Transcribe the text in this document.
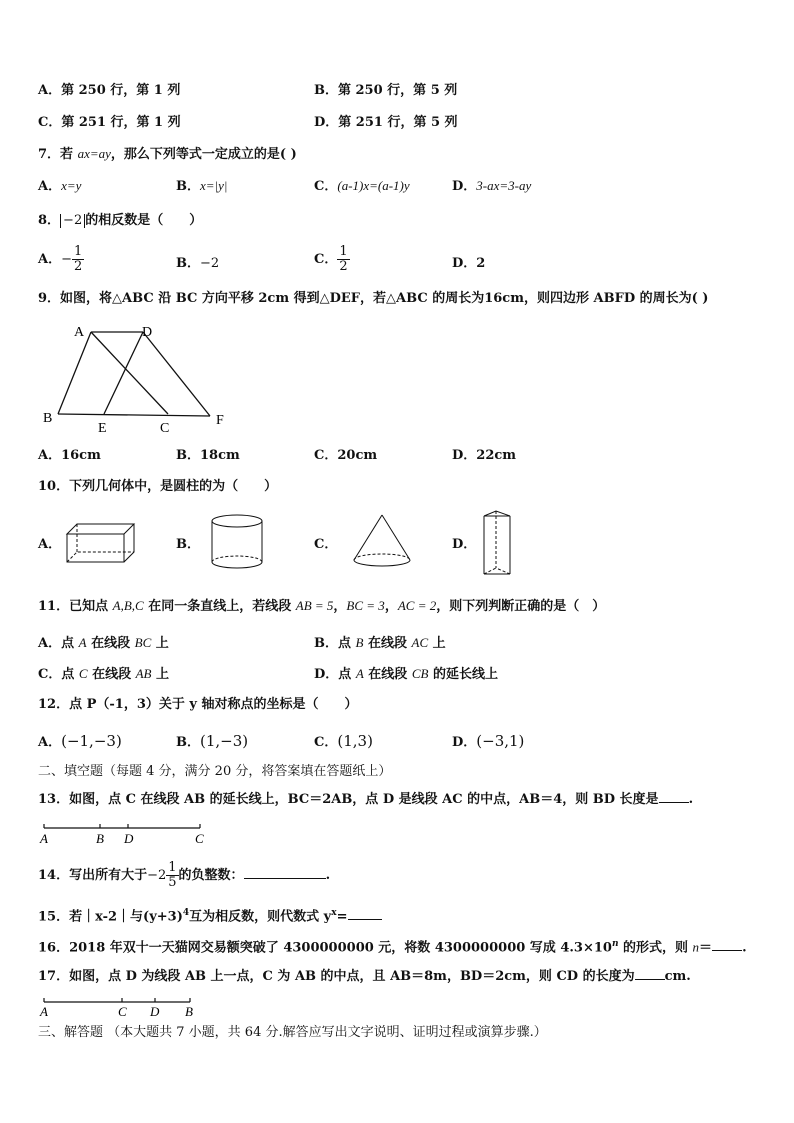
A．第 250 行，第 1 列	B．第 250 行，第 5 列
C．第 251 行，第 1 列	D．第 251 行，第 5 列
7．若 ax=ay，那么下列等式一定成立的是( )
A．x=y	B．x=|y|	C．(a-1)x=(a-1)y	D．3-ax=3-ay
8． −2 的相反数是（　　）
A．− $\frac{1}{2}$	B．−2	C． $\frac{1}{2}$	D．2
9．如图，将△ABC 沿 BC 方向平移 2cm 得到△DEF，若△ABC 的周长为16cm，则四边形 ABFD 的周长为( )
A	D
B
E	C
F
A．16cm	B．18cm	C．20cm	D．22cm
10．下列几何体中，是圆柱的为（　　）
A．	B．	C．	D．
11．已知点 A,B,C 在同一条直线上，若线段 AB = 5，BC = 3，AC = 2，则下列判断正确的是（　）
A．点 A 在线段 BC 上	B．点 B 在线段 AC 上
C．点 C 在线段 AB 上	D．点 A 在线段 CB 的延长线上
12．点 P（-1，3）关于 y 轴对称点的坐标是（　　）
A．(−1,−3)	B．(1,−3)	C．(1,3)	D．(−3,1)
二、填空题（每题 4 分，满分 20 分，将答案填在答题纸上）
13．如图，点 C 在线段 AB 的延长线上，BC＝2AB，点 D 是线段 AC 的中点，AB＝4，则 BD 长度是 .
A	B D	C
14．写出所有大于$-2 \frac{1}{5}$ 的负整数：	.
15．若｜x-2｜与$(y+3)^4$互为相反数，则代数式 $y^x=$
16．2018 年双十一天猫网交易额突破了 4300000000 元，将数 4300000000 写成 $4.3\times 10^n$ 的形式，则 n＝ .
17．如图，点 D 为线段 AB 上一点，C 为 AB 的中点，且 AB＝8m，BD＝2cm，则 CD 的长度为 cm.
A	C D B
三、解答题 （本大题共 7 小题，共 64 分.解答应写出文字说明、证明过程或演算步骤.）
